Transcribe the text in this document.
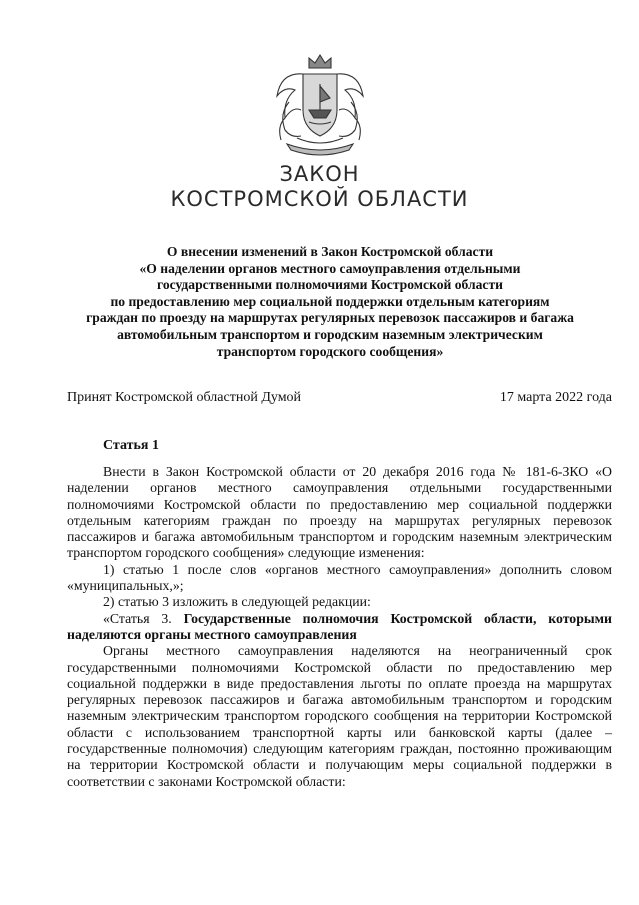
ЗАКОН
КОСТРОМСКОЙ ОБЛАСТИ
О внесении изменений в Закон Костромской области
«О наделении органов местного самоуправления отдельными
государственными полномочиями Костромской области
по предоставлению мер социальной поддержки отдельным категориям
граждан по проезду на маршрутах регулярных перевозок пассажиров и багажа
автомобильным транспортом и городским наземным электрическим
транспортом городского сообщения»
Принят Костромской областной Думой	17 марта 2022 года
Статья 1

Внести в Закон Костромской области от 20 декабря 2016 года № 181-6-ЗКО «О наделении органов местного самоуправления отдельными государственными полномочиями Костромской области по предоставлению мер социальной поддержки отдельным категориям граждан по проезду на маршрутах регулярных перевозок пассажиров и багажа автомобильным транспортом и городским наземным электрическим транспортом городского сообщения» следующие изменения:

1) статью 1 после слов «органов местного самоуправления» дополнить словом «муниципальных,»;

2) статью 3 изложить в следующей редакции:

«Статья 3. Государственные полномочия Костромской области, которыми наделяются органы местного самоуправления

Органы местного самоуправления наделяются на неограниченный срок государственными полномочиями Костромской области по предоставлению мер социальной поддержки в виде предоставления льготы по оплате проезда на маршрутах регулярных перевозок пассажиров и багажа автомобильным транспортом и городским наземным электрическим транспортом городского сообщения на территории Костромской области с использованием транспортной карты или банковской карты (далее – государственные полномочия) следующим категориям граждан, постоянно проживающим на территории Костромской области и получающим меры социальной поддержки в соответствии с законами Костромской области:
